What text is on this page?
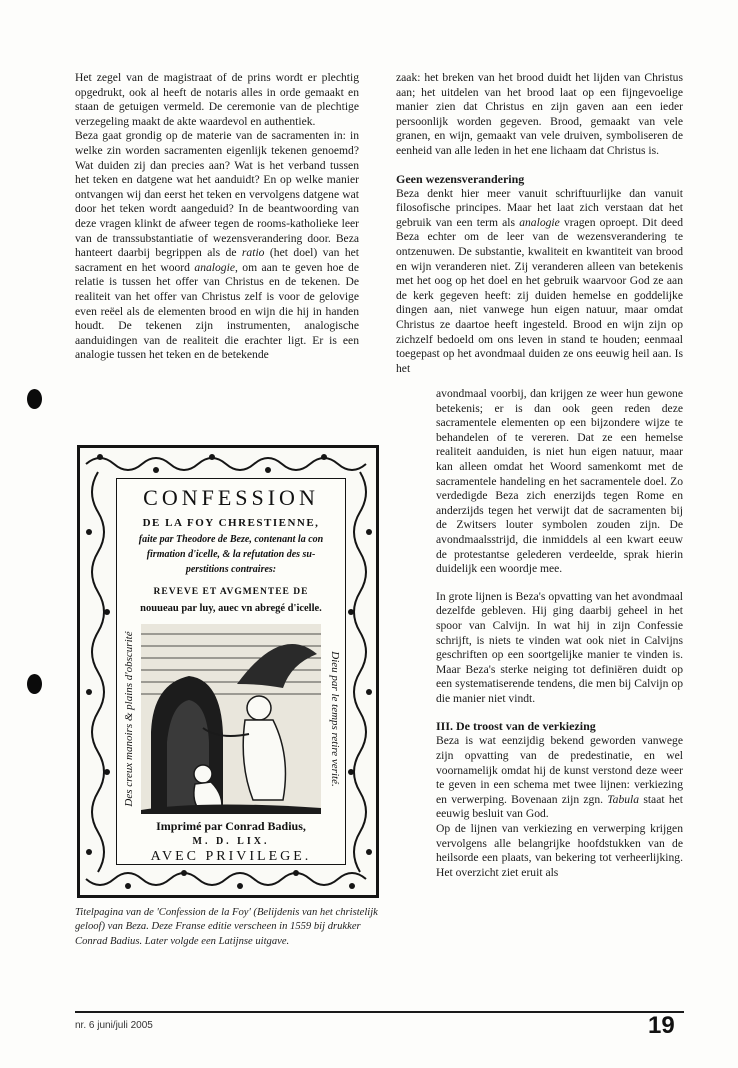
Het zegel van de magistraat of de prins wordt er plechtig opgedrukt, ook al heeft de notaris alles in orde gemaakt en staan de getuigen vermeld. De ceremonie van de plechtige verzegeling maakt de akte waardevol en authentiek.

Beza gaat grondig op de materie van de sacramenten in: in welke zin worden sacramenten eigenlijk tekenen genoemd? Wat duiden zij dan precies aan? Wat is het verband tussen het teken en datgene wat het aanduidt? En op welke manier ontvangen wij dan eerst het teken en vervolgens datgene wat door het teken wordt aangeduid? In de beantwoording van deze vragen klinkt de afweer tegen de rooms-katholieke leer van de transsubstantiatie of wezensverandering door. Beza hanteert daarbij begrippen als de ratio (het doel) van het sacrament en het woord analogie, om aan te geven hoe de relatie is tussen het offer van Christus en de tekenen. De realiteit van het offer van Christus zelf is voor de gelovige even reëel als de elementen brood en wijn die hij in handen houdt. De tekenen zijn instrumenten, analogische aanduidingen van de realiteit die erachter ligt. Er is een analogie tussen het teken en de betekende

zaak: het breken van het brood duidt het lijden van Christus aan; het uitdelen van het brood laat op een fijngevoelige manier zien dat Christus en zijn gaven aan een ieder persoonlijk worden gegeven. Brood, gemaakt van vele granen, en wijn, gemaakt van vele druiven, symboliseren de eenheid van alle leden in het ene lichaam dat Christus is.

Geen wezensverandering

Beza denkt hier meer vanuit schriftuurlijke dan vanuit filosofische principes. Maar het laat zich verstaan dat het gebruik van een term als analogie vragen oproept. Dit deed Beza echter om de leer van de wezensverandering te ontzenuwen. De substantie, kwaliteit en kwantiteit van brood en wijn veranderen niet. Zij veranderen alleen van betekenis met het oog op het doel en het gebruik waarvoor God ze aan de kerk gegeven heeft: zij duiden hemelse en goddelijke dingen aan, niet vanwege hun eigen natuur, maar omdat Christus ze daartoe heeft ingesteld. Brood en wijn zijn op zichzelf bedoeld om ons leven in stand te houden; eenmaal toegepast op het avondmaal duiden ze ons eeuwig heil aan. Is het

avondmaal voorbij, dan krijgen ze weer hun gewone betekenis; er is dan ook geen reden deze sacramentele elementen op een bijzondere wijze te behandelen of te vereren. Dat ze een hemelse realiteit aanduiden, is niet hun eigen natuur, maar kan alleen omdat het Woord samenkomt met de sacramentele handeling en het sacramentele doel. Zo verdedigde Beza zich enerzijds tegen Rome en anderzijds tegen het verwijt dat de sacramenten bij de Zwitsers louter symbolen zouden zijn. De avondmaalsstrijd, die inmiddels al een kwart eeuw de protestantse gelederen verdeelde, sprak hierin duidelijk een woordje mee.

In grote lijnen is Beza's opvatting van het avondmaal dezelfde gebleven. Hij ging daarbij geheel in het spoor van Calvijn. In wat hij in zijn Confessie schrijft, is niets te vinden wat ook niet in Calvijns geschriften op een soortgelijke manier te vinden is. Maar Beza's sterke neiging tot definiëren duidt op een systematiserende tendens, die men bij Calvijn op die manier niet vindt.

III. De troost van de verkiezing

Beza is wat eenzijdig bekend geworden vanwege zijn opvatting van de predestinatie, en wel voornamelijk omdat hij de kunst verstond deze weer te geven in een schema met twee lijnen: verkiezing en verwerping. Bovenaan zijn zgn. Tabula staat het eeuwig besluit van God.

Op de lijnen van verkiezing en verwerping krijgen vervolgens alle belangrijke hoofdstukken van de heilsorde een plaats, van bekering tot verheerlijking. Het overzicht ziet eruit als

CONFESSION
DE LA FOY CHRESTIENNE,
faite par Theodore de Beze, contenant la con
firmation d'icelle, & la refutation des su-
perstitions contraires:
REVEVE ET AVGMENTEE DE
nouueau par luy, auec vn abregé d'icelle.
Des creux manoirs & plains d'obscurité	Dieu par le temps retire verité.
Imprimé par Conrad Badius,
M. D. LIX.
AVEC PRIVILEGE.
Titelpagina van de 'Confession de la Foy' (Belijdenis van het christelijk geloof) van Beza. Deze Franse editie verscheen in 1559 bij drukker Conrad Badius. Later volgde een Latijnse uitgave.
nr. 6 juni/juli 2005	19
